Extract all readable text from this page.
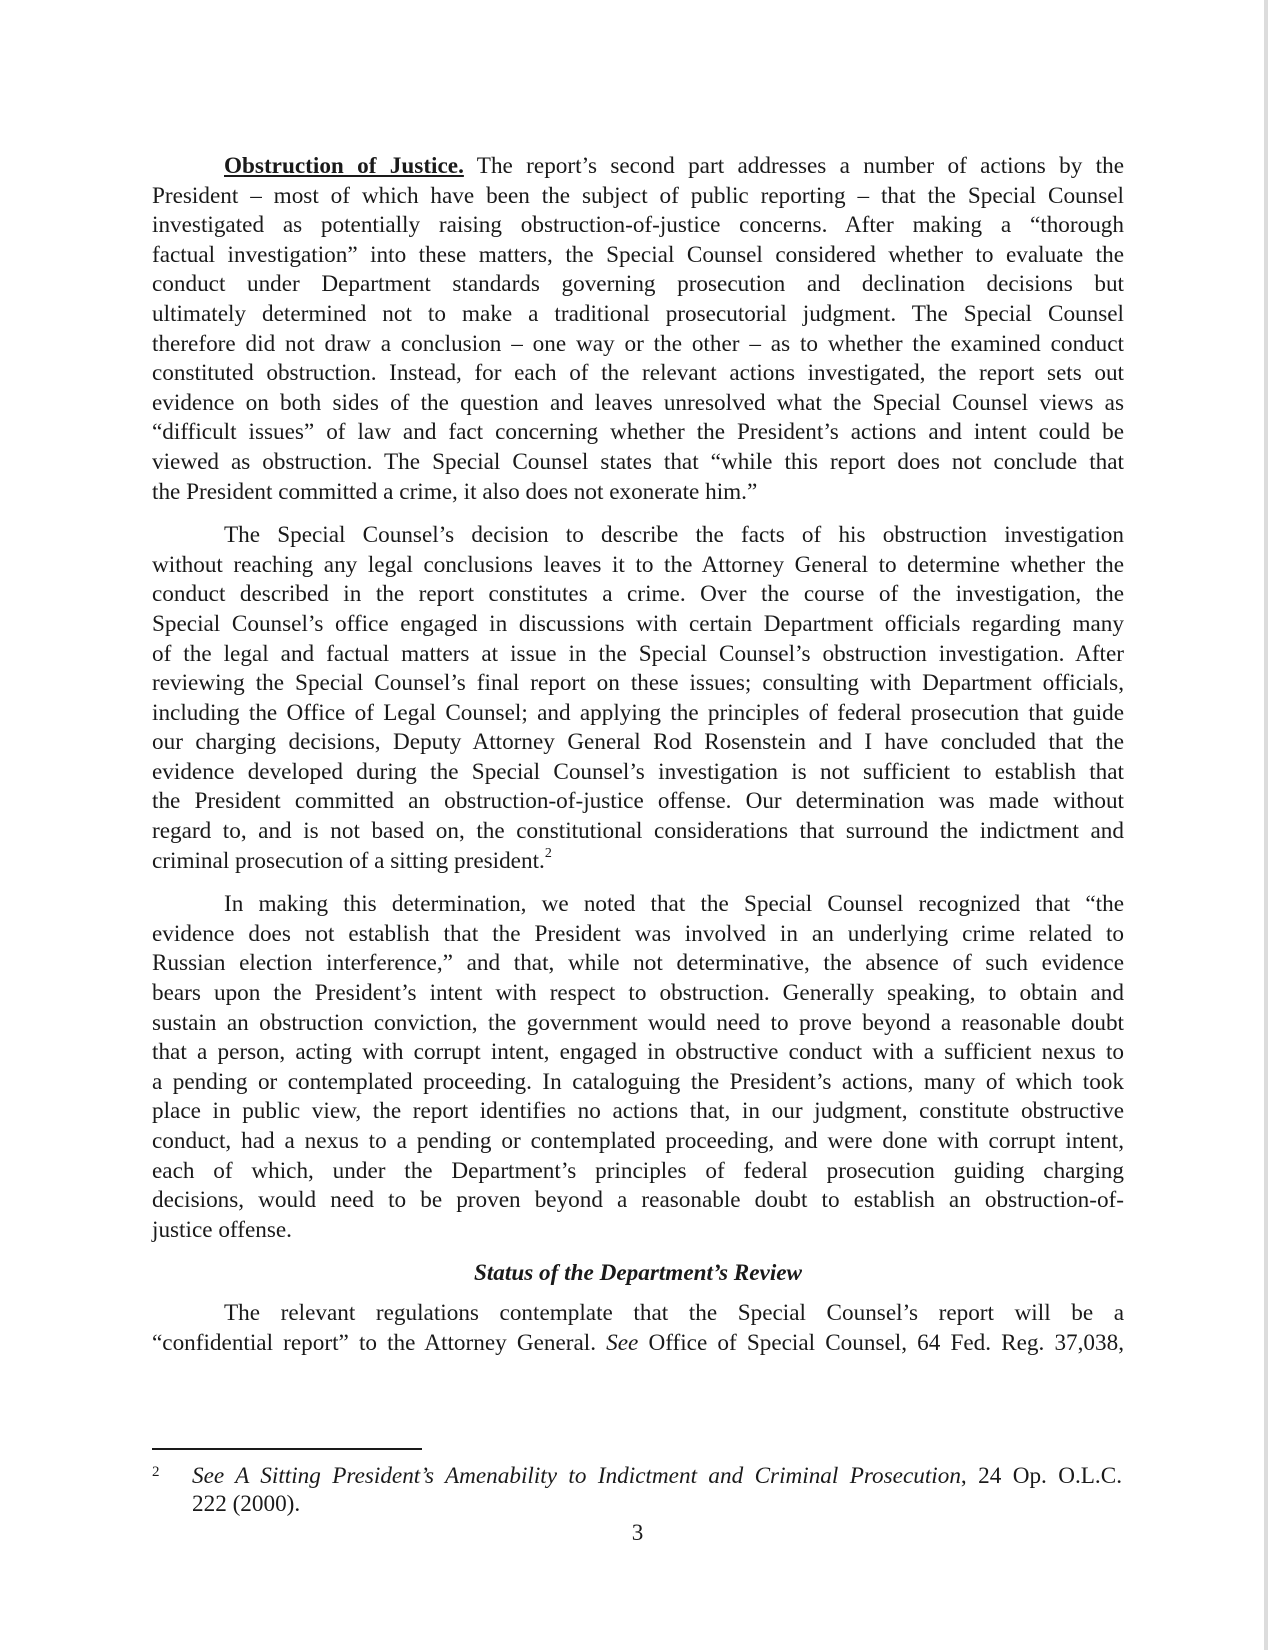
Obstruction of Justice. The report’s second part addresses a number of actions by the
President – most of which have been the subject of public reporting – that the Special Counsel
investigated as potentially raising obstruction-of-justice concerns. After making a “thorough
factual investigation” into these matters, the Special Counsel considered whether to evaluate the
conduct under Department standards governing prosecution and declination decisions but
ultimately determined not to make a traditional prosecutorial judgment. The Special Counsel
therefore did not draw a conclusion – one way or the other – as to whether the examined conduct
constituted obstruction. Instead, for each of the relevant actions investigated, the report sets out
evidence on both sides of the question and leaves unresolved what the Special Counsel views as
“difficult issues” of law and fact concerning whether the President’s actions and intent could be
viewed as obstruction. The Special Counsel states that “while this report does not conclude that
the President committed a crime, it also does not exonerate him.”
The Special Counsel’s decision to describe the facts of his obstruction investigation
without reaching any legal conclusions leaves it to the Attorney General to determine whether the
conduct described in the report constitutes a crime. Over the course of the investigation, the
Special Counsel’s office engaged in discussions with certain Department officials regarding many
of the legal and factual matters at issue in the Special Counsel’s obstruction investigation. After
reviewing the Special Counsel’s final report on these issues; consulting with Department officials,
including the Office of Legal Counsel; and applying the principles of federal prosecution that guide
our charging decisions, Deputy Attorney General Rod Rosenstein and I have concluded that the
evidence developed during the Special Counsel’s investigation is not sufficient to establish that
the President committed an obstruction-of-justice offense. Our determination was made without
regard to, and is not based on, the constitutional considerations that surround the indictment and
criminal prosecution of a sitting president.$^2$
In making this determination, we noted that the Special Counsel recognized that “the
evidence does not establish that the President was involved in an underlying crime related to
Russian election interference,” and that, while not determinative, the absence of such evidence
bears upon the President’s intent with respect to obstruction. Generally speaking, to obtain and
sustain an obstruction conviction, the government would need to prove beyond a reasonable doubt
that a person, acting with corrupt intent, engaged in obstructive conduct with a sufficient nexus to
a pending or contemplated proceeding. In cataloguing the President’s actions, many of which took
place in public view, the report identifies no actions that, in our judgment, constitute obstructive
conduct, had a nexus to a pending or contemplated proceeding, and were done with corrupt intent,
each of which, under the Department’s principles of federal prosecution guiding charging
decisions, would need to be proven beyond a reasonable doubt to establish an obstruction-of-
justice offense.
Status of the Department’s Review
The relevant regulations contemplate that the Special Counsel’s report will be a
“confidential report” to the Attorney General. See Office of Special Counsel, 64 Fed. Reg. 37,038,
2 See A Sitting President’s Amenability to Indictment and Criminal Prosecution, 24 Op. O.L.C.
222 (2000).
3
